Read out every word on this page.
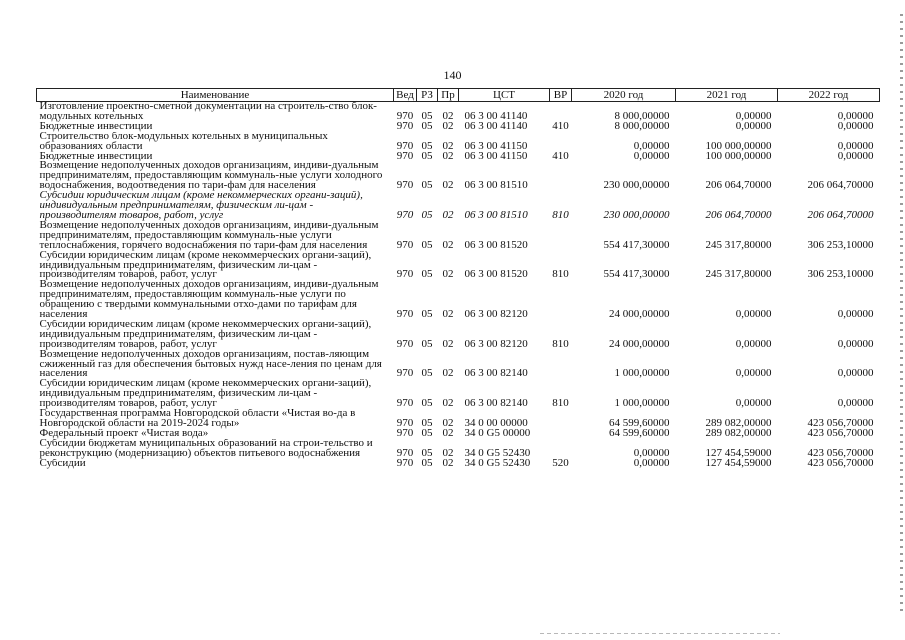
140
Наименование	Вед	РЗ	Пр	ЦСТ	ВР	2020 год	2021 год	2022 год
Изготовление проектно-сметной документации на строитель-ство блок-модульных котельных	970	05	02	06 3 00 41140		8 000,00000	0,00000	0,00000
Бюджетные инвестиции	970	05	02	06 3 00 41140	410	8 000,00000	0,00000	0,00000
Строительство блок-модульных котельных в муниципальных образованиях области	970	05	02	06 3 00 41150		0,00000	100 000,00000	0,00000
Бюджетные инвестиции	970	05	02	06 3 00 41150	410	0,00000	100 000,00000	0,00000
Возмещение недополученных доходов организациям, индиви-дуальным предпринимателям, предоставляющим коммуналь-ные услуги холодного водоснабжения, водоотведения по тари-фам для населения	970	05	02	06 3 00 81510		230 000,00000	206 064,70000	206 064,70000
Субсидии юридическим лицам (кроме некоммерческих органи-заций), индивидуальным предпринимателям, физическим ли-цам - производителям товаров, работ, услуг	970	05	02	06 3 00 81510	810	230 000,00000	206 064,70000	206 064,70000
Возмещение недополученных доходов организациям, индиви-дуальным предпринимателям, предоставляющим коммуналь-ные услуги теплоснабжения, горячего водоснабжения по тари-фам для населения	970	05	02	06 3 00 81520		554 417,30000	245 317,80000	306 253,10000
Субсидии юридическим лицам (кроме некоммерческих органи-заций), индивидуальным предпринимателям, физическим ли-цам - производителям товаров, работ, услуг	970	05	02	06 3 00 81520	810	554 417,30000	245 317,80000	306 253,10000
Возмещение недополученных доходов организациям, индиви-дуальным предпринимателям, предоставляющим коммуналь-ные услуги по обращению с твердыми коммунальными отхо-дами по тарифам для населения	970	05	02	06 3 00 82120		24 000,00000	0,00000	0,00000
Субсидии юридическим лицам (кроме некоммерческих органи-заций), индивидуальным предпринимателям, физическим ли-цам - производителям товаров, работ, услуг	970	05	02	06 3 00 82120	810	24 000,00000	0,00000	0,00000
Возмещение недополученных доходов организациям, постав-ляющим сжиженный газ для обеспечения бытовых нужд насе-ления по ценам для населения	970	05	02	06 3 00 82140		1 000,00000	0,00000	0,00000
Субсидии юридическим лицам (кроме некоммерческих органи-заций), индивидуальным предпринимателям, физическим ли-цам - производителям товаров, работ, услуг	970	05	02	06 3 00 82140	810	1 000,00000	0,00000	0,00000
Государственная программа Новгородской области «Чистая во-да в Новгородской области на 2019-2024 годы»	970	05	02	34 0 00 00000		64 599,60000	289 082,00000	423 056,70000
Федеральный проект «Чистая вода»	970	05	02	34 0 G5 00000		64 599,60000	289 082,00000	423 056,70000
Субсидии бюджетам муниципальных образований на строи-тельство и реконструкцию (модернизацию) объектов питьевого водоснабжения	970	05	02	34 0 G5 52430		0,00000	127 454,59000	423 056,70000
Субсидии	970	05	02	34 0 G5 52430	520	0,00000	127 454,59000	423 056,70000
